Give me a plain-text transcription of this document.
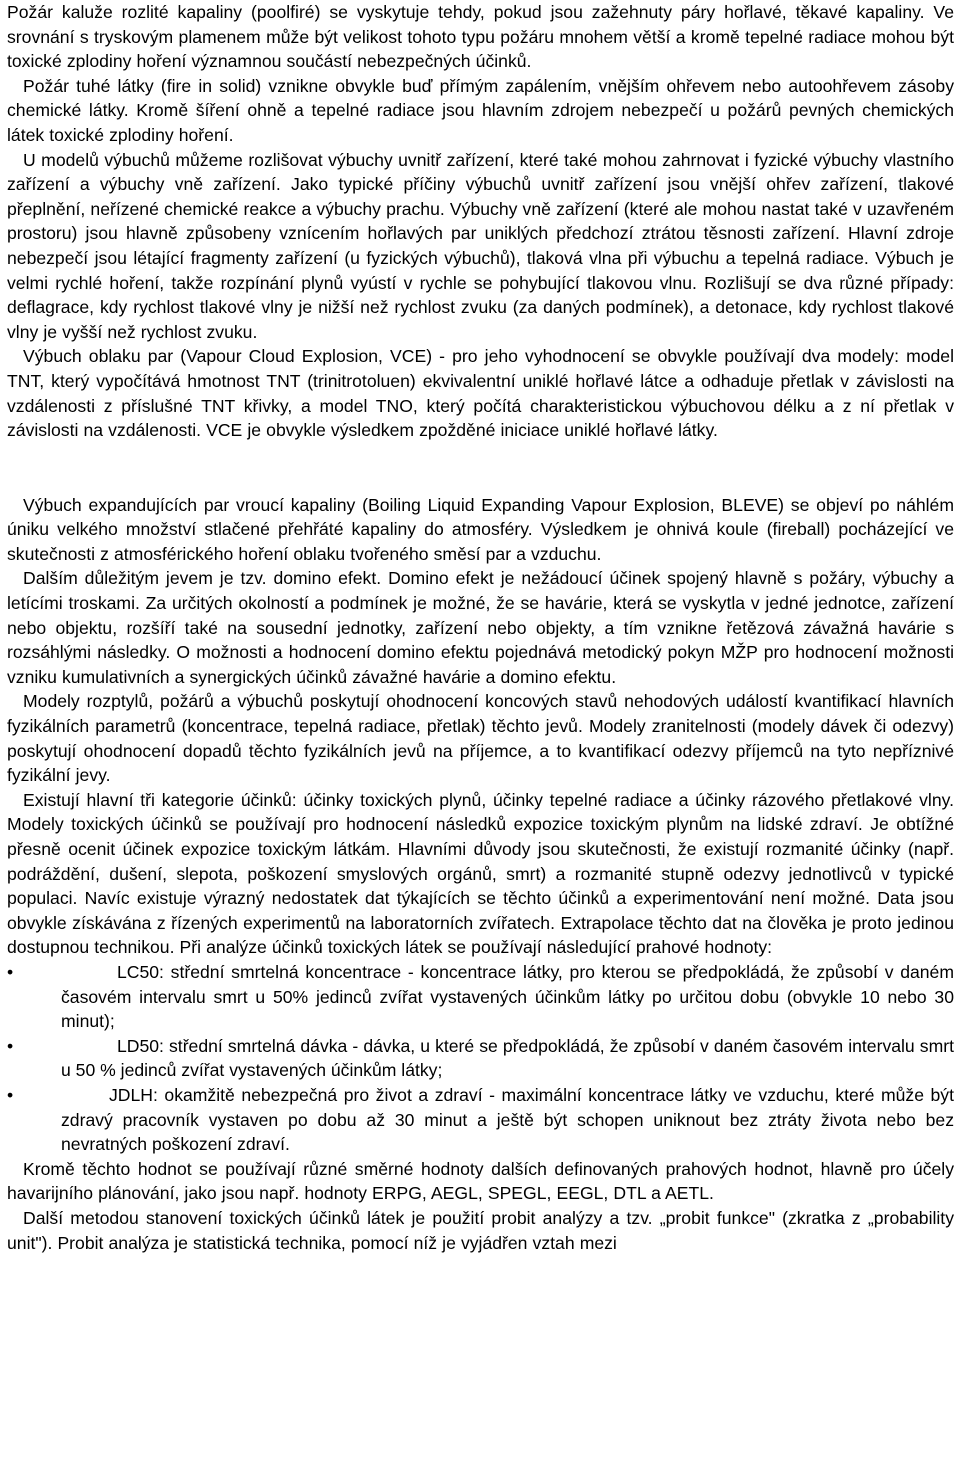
Požár kaluže rozlité kapaliny (poolfiré) se vyskytuje tehdy, pokud jsou zažehnuty páry hořlavé, těkavé kapaliny. Ve srovnání s tryskovým plamenem může být velikost tohoto typu požáru mnohem větší a kromě tepelné radiace mohou být toxické zplodiny hoření významnou součástí nebezpečných účinků.

Požár tuhé látky (fire in solid) vznikne obvykle buď přímým zapálením, vnějším ohřevem nebo autoohřevem zásoby chemické látky. Kromě šíření ohně a tepelné radiace jsou hlavním zdrojem nebezpečí u požárů pevných chemických látek toxické zplodiny hoření.

U modelů výbuchů můžeme rozlišovat výbuchy uvnitř zařízení, které také mohou zahrnovat i fyzické výbuchy vlastního zařízení a výbuchy vně zařízení. Jako typické příčiny výbuchů uvnitř zařízení jsou vnější ohřev zařízení, tlakové přeplnění, neřízené chemické reakce a výbuchy prachu. Výbuchy vně zařízení (které ale mohou nastat také v uzavřeném prostoru) jsou hlavně způsobeny vznícením hořlavých par uniklých předchozí ztrátou těsnosti zařízení. Hlavní zdroje nebezpečí jsou létající fragmenty zařízení (u fyzických výbuchů), tlaková vlna při výbuchu a tepelná radiace. Výbuch je velmi rychlé hoření, takže rozpínání plynů vyústí v rychle se pohybující tlakovou vlnu. Rozlišují se dva různé případy: deflagrace, kdy rychlost tlakové vlny je nižší než rychlost zvuku (za daných podmínek), a detonace, kdy rychlost tlakové vlny je vyšší než rychlost zvuku.

Výbuch oblaku par (Vapour Cloud Explosion, VCE) - pro jeho vyhodnocení se obvykle používají dva modely: model TNT, který vypočítává hmotnost TNT (trinitrotoluen) ekvivalentní uniklé hořlavé látce a odhaduje přetlak v závislosti na vzdálenosti z příslušné TNT křivky, a model TNO, který počítá charakteristickou výbuchovou délku a z ní přetlak v závislosti na vzdálenosti. VCE je obvykle výsledkem zpožděné iniciace uniklé hořlavé látky.

Výbuch expandujících par vroucí kapaliny (Boiling Liquid Expanding Vapour Explosion, BLEVE) se objeví po náhlém úniku velkého množství stlačené přehřáté kapaliny do atmosféry. Výsledkem je ohnivá koule (fireball) pocházející ve skutečnosti z atmosférického hoření oblaku tvořeného směsí par a vzduchu.

Dalším důležitým jevem je tzv. domino efekt. Domino efekt je nežádoucí účinek spojený hlavně s požáry, výbuchy a letícími troskami. Za určitých okolností a podmínek je možné, že se havárie, která se vyskytla v jedné jednotce, zařízení nebo objektu, rozšíří také na sousední jednotky, zařízení nebo objekty, a tím vznikne řetězová závažná havárie s rozsáhlými následky. O možnosti a hodnocení domino efektu pojednává metodický pokyn MŽP pro hodnocení možnosti vzniku kumulativních a synergických účinků závažné havárie a domino efektu.

Modely rozptylů, požárů a výbuchů poskytují ohodnocení koncových stavů nehodových událostí kvantifikací hlavních fyzikálních parametrů (koncentrace, tepelná radiace, přetlak) těchto jevů. Modely zranitelnosti (modely dávek či odezvy) poskytují ohodnocení dopadů těchto fyzikálních jevů na příjemce, a to kvantifikací odezvy příjemců na tyto nepříznivé fyzikální jevy.

Existují hlavní tři kategorie účinků: účinky toxických plynů, účinky tepelné radiace a účinky rázového přetlakové vlny. Modely toxických účinků se používají pro hodnocení následků expozice toxickým plynům na lidské zdraví. Je obtížné přesně ocenit účinek expozice toxickým látkám. Hlavními důvody jsou skutečnosti, že existují rozmanité účinky (např. podráždění, dušení, slepota, poškození smyslových orgánů, smrt) a rozmanité stupně odezvy jednotlivců v typické populaci. Navíc existuje výrazný nedostatek dat týkajících se těchto účinků a experimentování není možné. Data jsou obvykle získávána z řízených experimentů na laboratorních zvířatech. Extrapolace těchto dat na člověka je proto jedinou dostupnou technikou. Při analýze účinků toxických látek se používají následující prahové hodnoty:

•	LC50: střední smrtelná koncentrace - koncentrace látky, pro kterou se předpokládá, že způsobí v daném časovém intervalu smrt u 50% jedinců zvířat vystavených účinkům látky po určitou dobu (obvykle 10 nebo 30 minut);
•	LD50: střední smrtelná dávka - dávka, u které se předpokládá, že způsobí v daném časovém intervalu smrt u 50 % jedinců zvířat vystavených účinkům látky;
•	JDLH: okamžitě nebezpečná pro život a zdraví - maximální koncentrace látky ve vzduchu, které může být zdravý pracovník vystaven po dobu až 30 minut a ještě být schopen uniknout bez ztráty života nebo bez nevratných poškození zdraví.

Kromě těchto hodnot se používají různé směrné hodnoty dalších definovaných prahových hodnot, hlavně pro účely havarijního plánování, jako jsou např. hodnoty ERPG, AEGL, SPEGL, EEGL, DTL a AETL.

Další metodou stanovení toxických účinků látek je použití probit analýzy a tzv. „probit funkce" (zkratka z „probability unit"). Probit analýza je statistická technika, pomocí níž je vyjádřen vztah mezi
